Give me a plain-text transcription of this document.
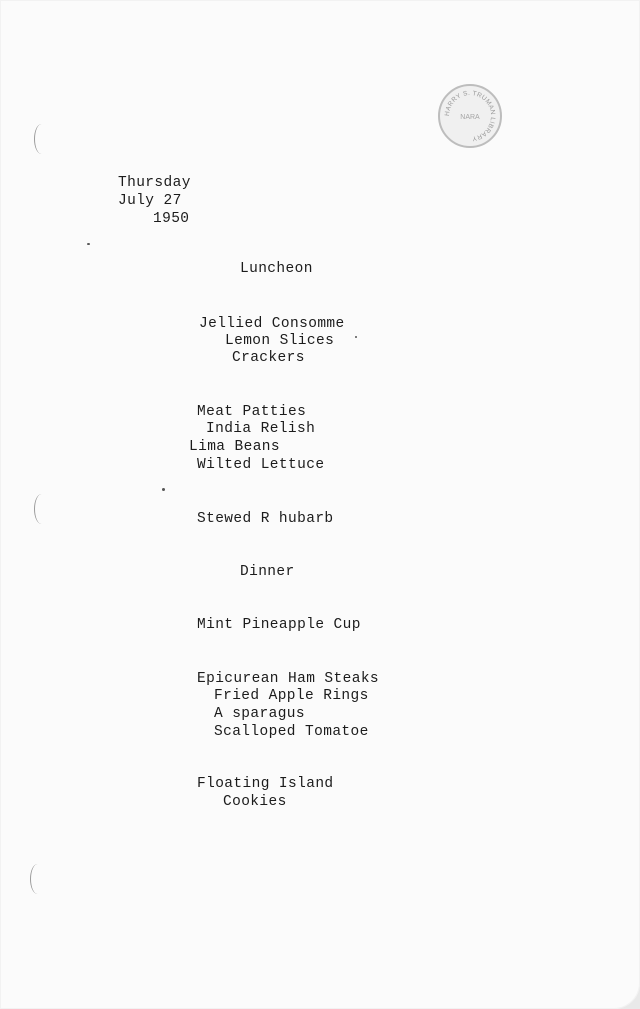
HARRY S. TRUMAN LIBRARY
NARA

Thursday

July 27

1950

Luncheon

Jellied Consomme

Lemon Slices

Crackers

Meat Patties

India Relish

Lima Beans

Wilted Lettuce

Stewed R hubarb

Dinner

Mint Pineapple Cup

Epicurean Ham Steaks

Fried Apple Rings

A sparagus

Scalloped Tomatoe

Floating Island

Cookies
